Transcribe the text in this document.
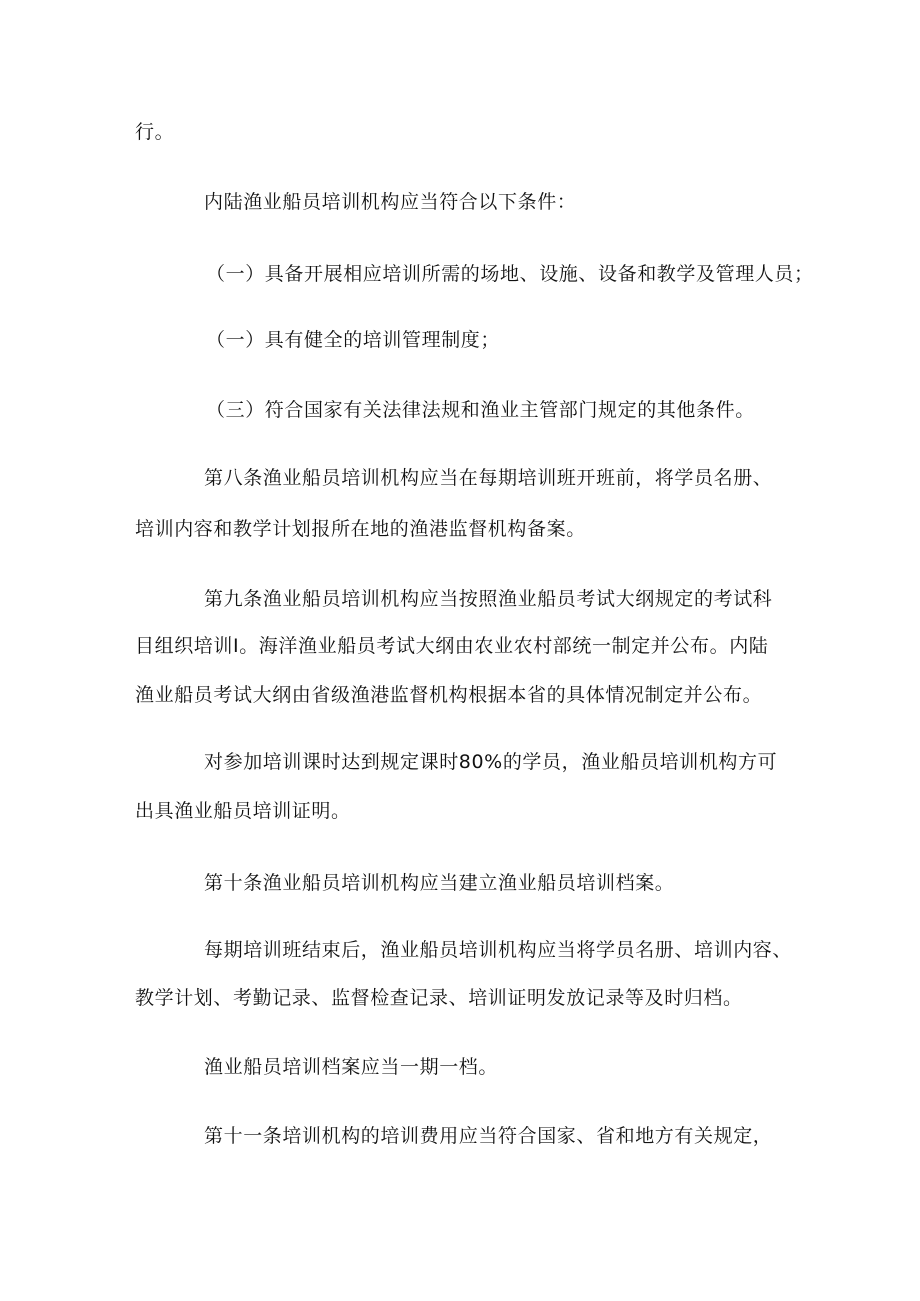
行。
内陆渔业船员培训机构应当符合以下条件：
（一）具备开展相应培训所需的场地、设施、设备和教学及管理人员；
（一）具有健全的培训管理制度；
（三）符合国家有关法律法规和渔业主管部门规定的其他条件。
第八条渔业船员培训机构应当在每期培训班开班前，将学员名册、
培训内容和教学计划报所在地的渔港监督机构备案。
第九条渔业船员培训机构应当按照渔业船员考试大纲规定的考试科
目组织培训I。海洋渔业船员考试大纲由农业农村部统一制定并公布。内陆
渔业船员考试大纲由省级渔港监督机构根据本省的具体情况制定并公布。
对参加培训课时达到规定课时80%的学员，渔业船员培训机构方可
出具渔业船员培训证明。
第十条渔业船员培训机构应当建立渔业船员培训档案。
每期培训班结束后，渔业船员培训机构应当将学员名册、培训内容、
教学计划、考勤记录、监督检查记录、培训证明发放记录等及时归档。
渔业船员培训档案应当一期一档。
第十一条培训机构的培训费用应当符合国家、省和地方有关规定，
